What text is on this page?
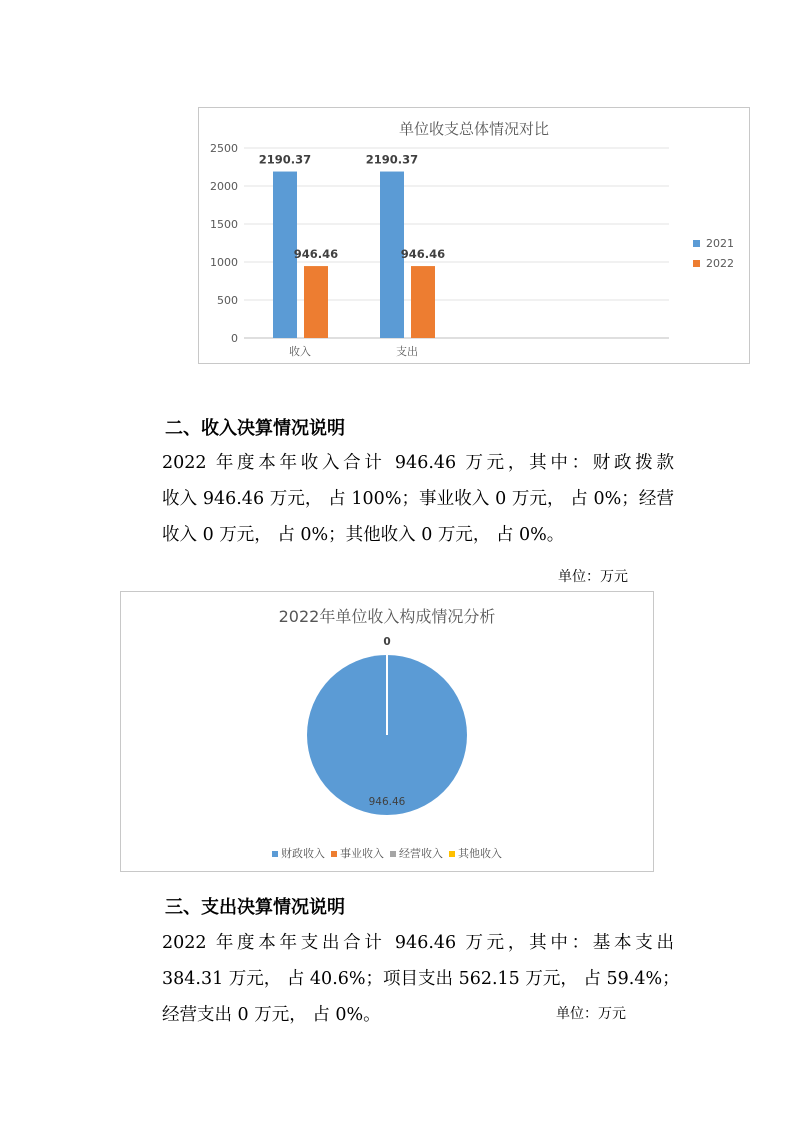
单位收支总体情况对比
2500
2000
1500
1000
500
0
2190.37
946.46
收入
2190.37
946.46
支出
2021
2022
二、收入决算情况说明
2022 年度本年收入合计 946.46 万元，其中：财政拨款
收入 946.46 万元， 占 100%；事业收入 0 万元， 占 0%；经营
收入 0 万元， 占 0%；其他收入 0 万元， 占 0%。
单位：万元
2022年单位收入构成情况分析
946.46
0
财政收入 事业收入 经营收入 其他收入
三、支出决算情况说明
2022 年度本年支出合计 946.46 万元，其中：基本支出
384.31 万元， 占 40.6%；项目支出 562.15 万元， 占 59.4%；
经营支出 0 万元， 占 0%。	单位：万元
